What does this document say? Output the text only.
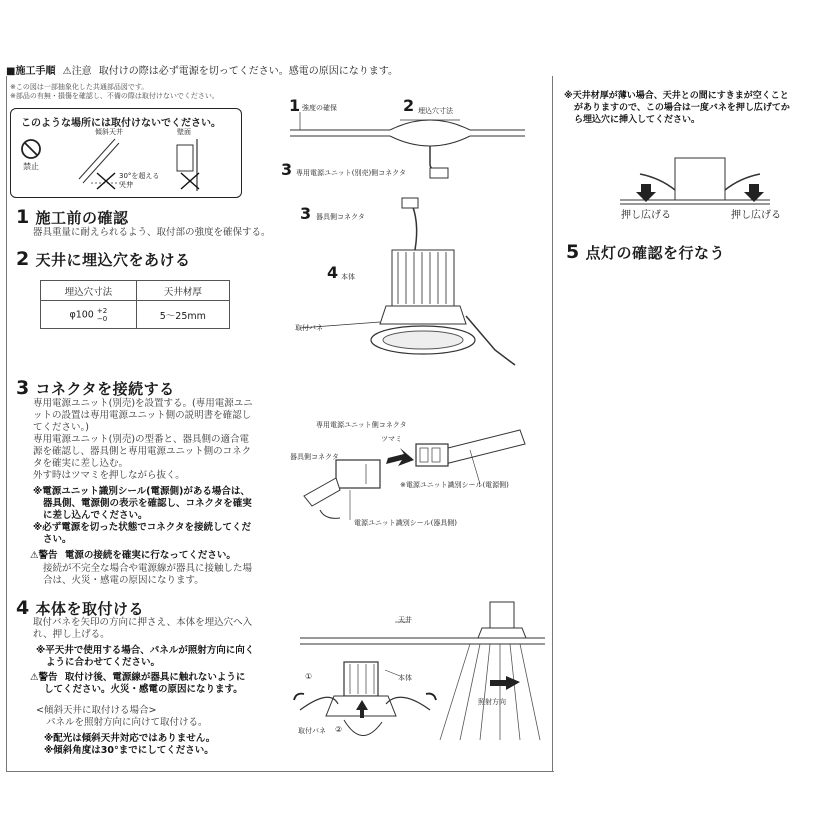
■施工手順 ⚠注意 取付けの際は必ず電源を切ってください。感電の原因になります。
※この図は一部抽象化した共通部品図です。
※部品の有無・損傷を確認し、不備の際は取付けないでください。
このような場所には取付けないでください。
禁止
傾斜天井	壁面
30°を超える
天井
1 施工前の確認
器具重量に耐えられるよう、取付部の強度を確保する。
2 天井に埋込穴をあける
埋込穴寸法	天井材厚
φ100 +2
−0	5〜25mm
1 強度の確保	2 埋込穴寸法
3 専用電源ユニット(別売)側コネクタ
3 器具側コネクタ
4 本体
取付バネ
3 コネクタを接続する
専用電源ユニット(別売)を設置する。(専用電源ユニ
ットの設置は専用電源ユニット側の説明書を確認し
てください。)
専用電源ユニット(別売)の型番と、器具側の適合電
源を確認し、器具側と専用電源ユニット側のコネク
タを確実に差し込む。
外す時はツマミを押しながら抜く。
※電源ユニット識別シール(電源側)がある場合は、
器具側、電源側の表示を確認し、コネクタを確実
に差し込んでください。
※必ず電源を切った状態でコネクタを接続してくだ
さい。
⚠警告 電源の接続を確実に行なってください。
接続が不完全な場合や電源線が器具に接触した場
合は、火災・感電の原因になります。
専用電源ユニット側コネクタ
ツマミ
器具側コネクタ
※電源ユニット識別シール(電源側)
電源ユニット識別シール(器具側)
4 本体を取付ける
取付バネを矢印の方向に押さえ、本体を埋込穴へ入
れ、押し上げる。
※平天井で使用する場合、パネルが照射方向に向く
ように合わせてください。
⚠警告 取付け後、電源線が器具に触れないように
してください。火災・感電の原因になります。
<傾斜天井に取付ける場合>
パネルを照射方向に向けて取付ける。
※配光は傾斜天井対応ではありません。
※傾斜角度は30°までにしてください。
天井
本体
取付バネ
①
②
照射方向
※天井材厚が薄い場合、天井との間にすきまが空くこと
がありますので、この場合は一度バネを押し広げてか
ら埋込穴に挿入してください。
押し広げる	押し広げる
5 点灯の確認を行なう
